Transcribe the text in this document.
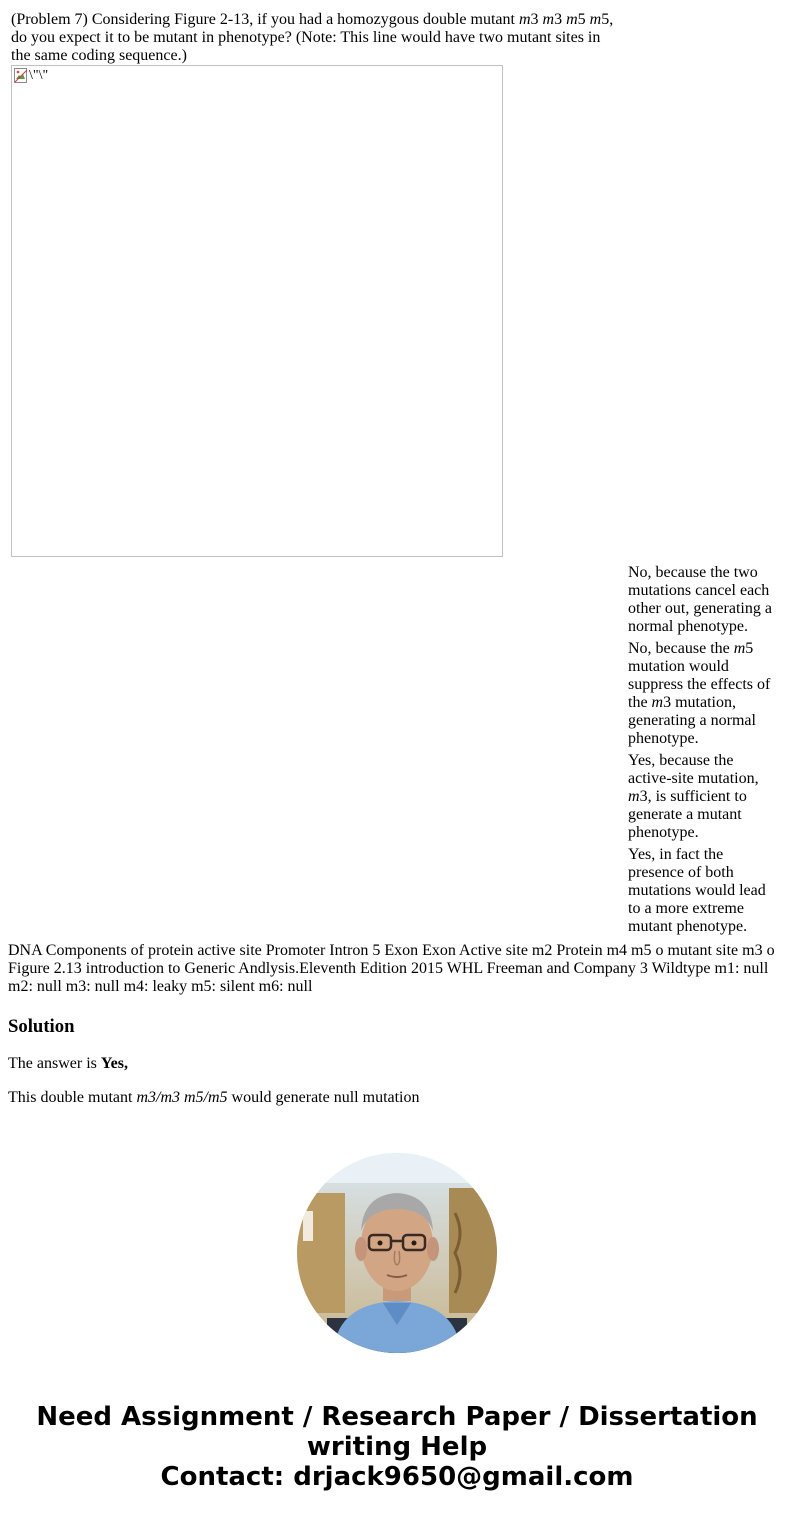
(Problem 7) Considering Figure 2-13, if you had a homozygous double mutant m3 m3 m5 m5, do you expect it to be mutant in phenotype? (Note: This line would have two mutant sites in the same coding sequence.)
\"\"
No, because the two mutations cancel each other out, generating a normal phenotype.
No, because the m5 mutation would suppress the effects of the m3 mutation, generating a normal phenotype.
Yes, because the active-site mutation, m3, is sufficient to generate a mutant phenotype.
Yes, in fact the presence of both mutations would lead to a more extreme mutant phenotype.
DNA Components of protein active site Promoter Intron 5 Exon Exon Active site m2 Protein m4 m5 o mutant site m3 o Figure 2.13 introduction to Generic Andlysis.Eleventh Edition 2015 WHL Freeman and Company 3 Wildtype m1: null m2: null m3: null m4: leaky m5: silent m6: null
Solution
The answer is Yes,
This double mutant m3/m3 m5/m5 would generate null mutation
Need Assignment / Research Paper / Dissertation writing Help
Contact: drjack9650@gmail.com
